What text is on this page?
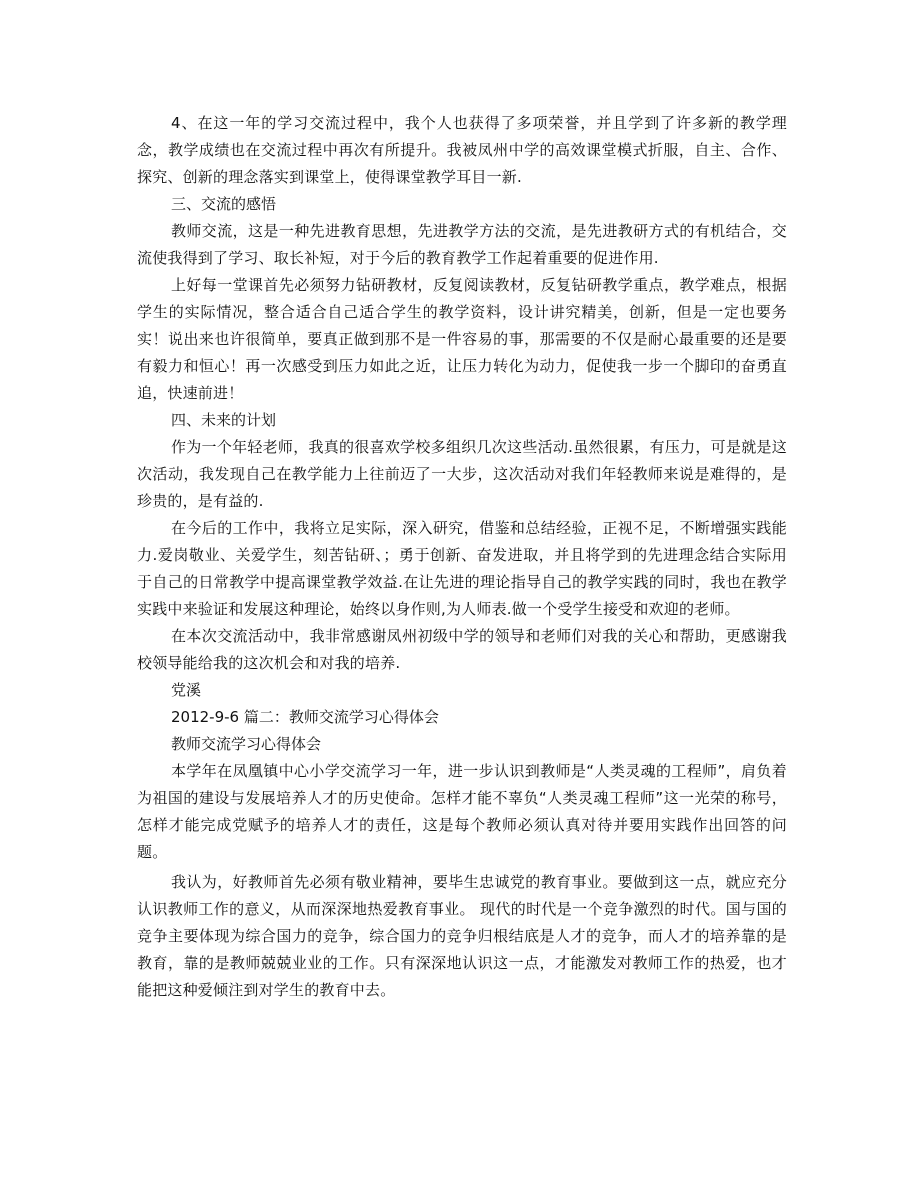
4、在这一年的学习交流过程中，我个人也获得了多项荣誉，并且学到了许多新的教学理念，教学成绩也在交流过程中再次有所提升。我被凤州中学的高效课堂模式折服，自主、合作、探究、创新的理念落实到课堂上，使得课堂教学耳目一新.

三、交流的感悟

教师交流，这是一种先进教育思想，先进教学方法的交流，是先进教研方式的有机结合，交流使我得到了学习、取长补短，对于今后的教育教学工作起着重要的促进作用.

上好每一堂课首先必须努力钻研教材，反复阅读教材，反复钻研教学重点，教学难点，根据学生的实际情况，整合适合自己适合学生的教学资料，设计讲究精美，创新，但是一定也要务实！说出来也许很简单，要真正做到那不是一件容易的事，那需要的不仅是耐心最重要的还是要有毅力和恒心！再一次感受到压力如此之近，让压力转化为动力，促使我一步一个脚印的奋勇直追，快速前进！

四、未来的计划

作为一个年轻老师，我真的很喜欢学校多组织几次这些活动.虽然很累，有压力，可是就是这次活动，我发现自己在教学能力上往前迈了一大步，这次活动对我们年轻教师来说是难得的，是珍贵的，是有益的.

在今后的工作中，我将立足实际，深入研究，借鉴和总结经验，正视不足，不断增强实践能力.爱岗敬业、关爱学生，刻苦钻研、；勇于创新、奋发进取，并且将学到的先进理念结合实际用于自己的日常教学中提高课堂教学效益.在让先进的理论指导自己的教学实践的同时，我也在教学实践中来验证和发展这种理论，始终以身作则,为人师表.做一个受学生接受和欢迎的老师。

在本次交流活动中，我非常感谢凤州初级中学的领导和老师们对我的关心和帮助，更感谢我校领导能给我的这次机会和对我的培养.

党溪

2012-9-6 篇二：教师交流学习心得体会

教师交流学习心得体会

本学年在凤凰镇中心小学交流学习一年，进一步认识到教师是“人类灵魂的工程师”，肩负着为祖国的建设与发展培养人才的历史使命。怎样才能不辜负“人类灵魂工程师”这一光荣的称号，怎样才能完成党赋予的培养人才的责任，这是每个教师必须认真对待并要用实践作出回答的问题。

我认为，好教师首先必须有敬业精神，要毕生忠诚党的教育事业。要做到这一点，就应充分认识教师工作的意义，从而深深地热爱教育事业。 现代的时代是一个竞争激烈的时代。国与国的竞争主要体现为综合国力的竞争，综合国力的竞争归根结底是人才的竞争，而人才的培养靠的是教育，靠的是教师兢兢业业的工作。只有深深地认识这一点，才能激发对教师工作的热爱，也才能把这种爱倾注到对学生的教育中去。
